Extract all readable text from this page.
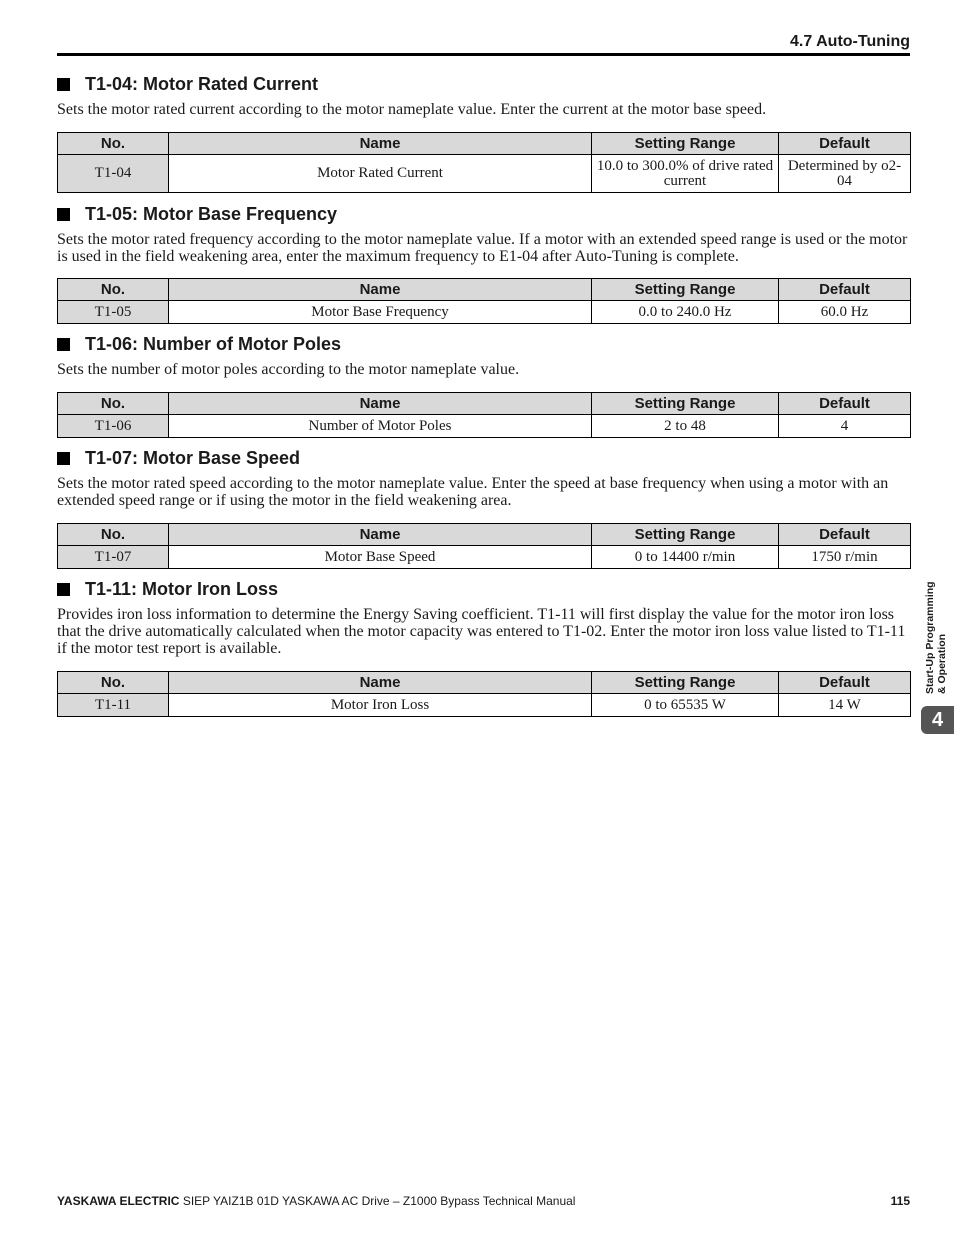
4.7 Auto-Tuning
T1-04: Motor Rated Current

Sets the motor rated current according to the motor nameplate value. Enter the current at the motor base speed.

No.	Name	Setting Range	Default
T1-04	Motor Rated Current	10.0 to 300.0% of drive rated current	Determined by o2-04
T1-05: Motor Base Frequency

Sets the motor rated frequency according to the motor nameplate value. If a motor with an extended speed range is used or the motor is used in the field weakening area, enter the maximum frequency to E1-04 after Auto-Tuning is complete.

No.	Name	Setting Range	Default
T1-05	Motor Base Frequency	0.0 to 240.0 Hz	60.0 Hz
T1-06: Number of Motor Poles

Sets the number of motor poles according to the motor nameplate value.

No.	Name	Setting Range	Default
T1-06	Number of Motor Poles	2 to 48	4
T1-07: Motor Base Speed

Sets the motor rated speed according to the motor nameplate value. Enter the speed at base frequency when using a motor with an extended speed range or if using the motor in the field weakening area.

No.	Name	Setting Range	Default
T1-07	Motor Base Speed	0 to 14400 r/min	1750 r/min
T1-11: Motor Iron Loss

Provides iron loss information to determine the Energy Saving coefficient. T1-11 will first display the value for the motor iron loss that the drive automatically calculated when the motor capacity was entered to T1-02. Enter the motor iron loss value listed to T1-11 if the motor test report is available.

No.	Name	Setting Range	Default
T1-11	Motor Iron Loss	0 to 65535 W	14 W
Start-Up Programming & Operation
4
YASKAWA ELECTRIC SIEP YAIZ1B 01D YASKAWA AC Drive – Z1000 Bypass Technical Manual	115
